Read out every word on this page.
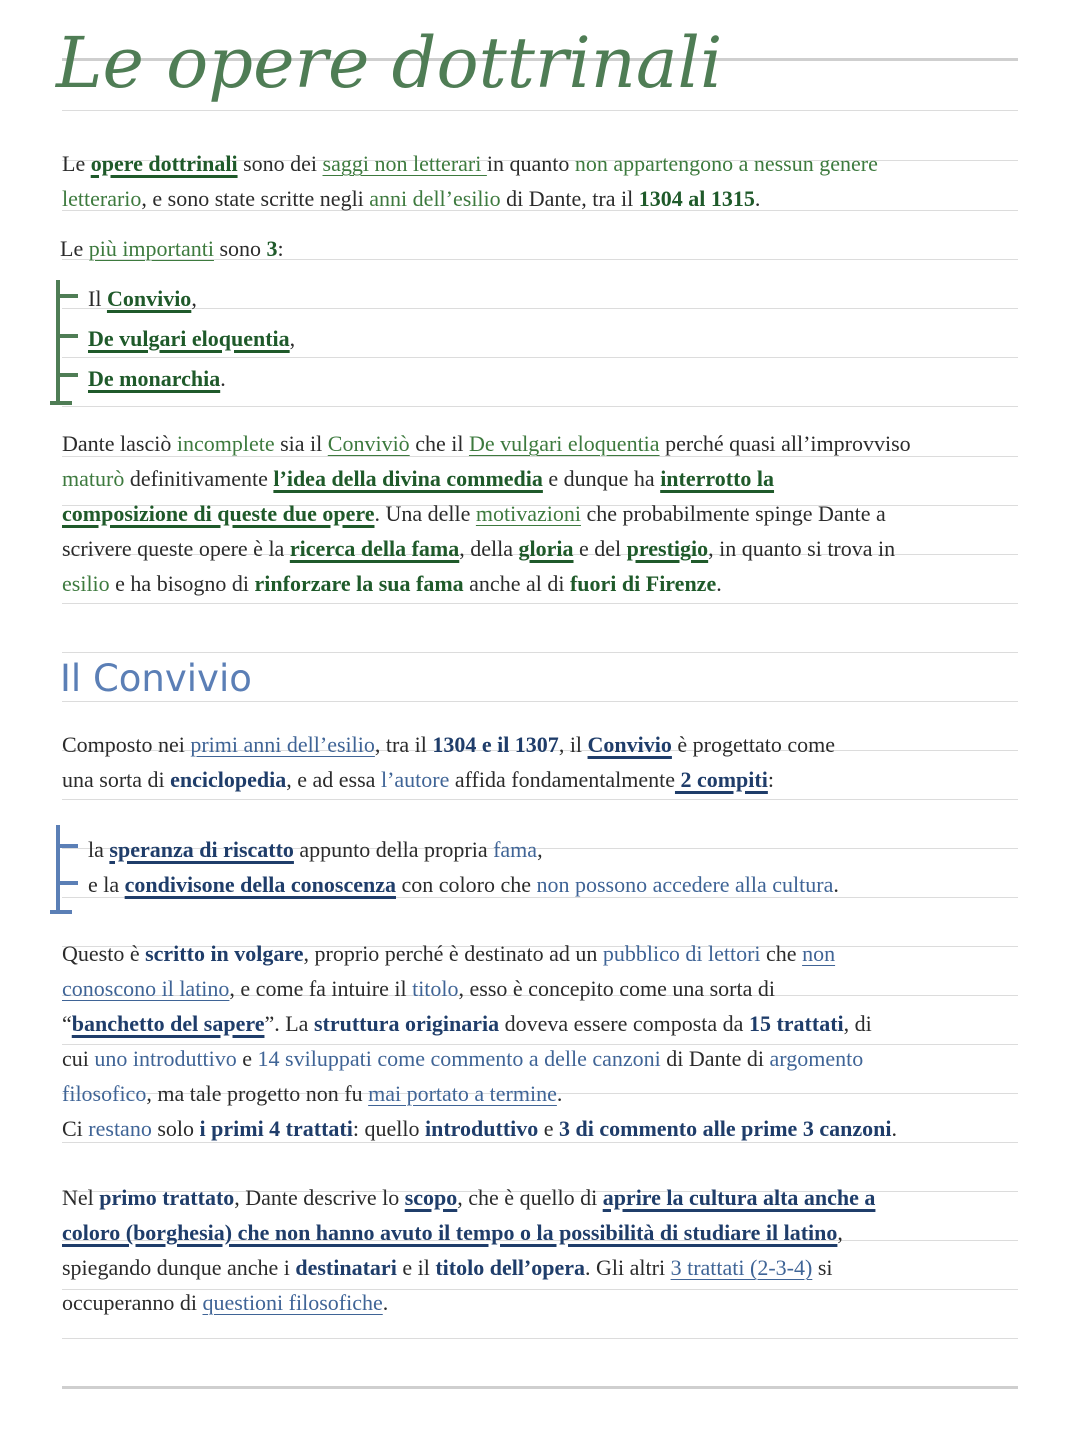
Le opere dottrinali
Le opere dottrinali sono dei saggi non letterari in quanto non appartengono a nessun genere
letterario, e sono state scritte negli anni dell’esilio di Dante, tra il 1304 al 1315.
Le più importanti sono 3:
Il Convivio,
De vulgari eloquentia,
De monarchia.
Dante lasciò incomplete sia il Conviviò che il De vulgari eloquentia perché quasi all’improvviso
maturò definitivamente l’idea della divina commedia e dunque ha interrotto la
composizione di queste due opere. Una delle motivazioni che probabilmente spinge Dante a
scrivere queste opere è la ricerca della fama, della gloria e del prestigio, in quanto si trova in
esilio e ha bisogno di rinforzare la sua fama anche al di fuori di Firenze.
Il Convivio
Composto nei primi anni dell’esilio, tra il 1304 e il 1307, il Convivio è progettato come
una sorta di enciclopedia, e ad essa l’autore affida fondamentalmente 2 compiti:
la speranza di riscatto appunto della propria fama,
e la condivisone della conoscenza con coloro che non possono accedere alla cultura.
Questo è scritto in volgare, proprio perché è destinato ad un pubblico di lettori che non
conoscono il latino, e come fa intuire il titolo, esso è concepito come una sorta di
“banchetto del sapere”. La struttura originaria doveva essere composta da 15 trattati, di
cui uno introduttivo e 14 sviluppati come commento a delle canzoni di Dante di argomento
filosofico, ma tale progetto non fu mai portato a termine.
Ci restano solo i primi 4 trattati: quello introduttivo e 3 di commento alle prime 3 canzoni.
Nel primo trattato, Dante descrive lo scopo, che è quello di aprire la cultura alta anche a
coloro (borghesia) che non hanno avuto il tempo o la possibilità di studiare il latino,
spiegando dunque anche i destinatari e il titolo dell’opera. Gli altri 3 trattati (2-3-4) si
occuperanno di questioni filosofiche.
